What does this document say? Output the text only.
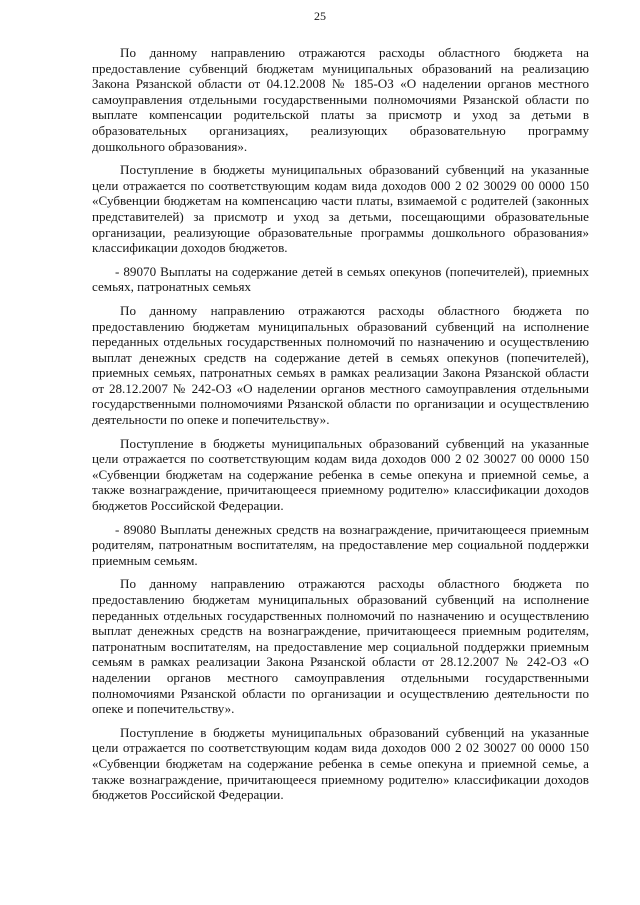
25

По данному направлению отражаются расходы областного бюджета на предоставление субвенций бюджетам муниципальных образований на реализацию Закона Рязанской области от 04.12.2008 № 185-ОЗ «О наделении органов местного самоуправления отдельными государственными полномочиями Рязанской области по выплате компенсации родительской платы за присмотр и уход за детьми в образовательных организациях, реализующих образовательную программу дошкольного образования».

Поступление в бюджеты муниципальных образований субвенций на указанные цели отражается по соответствующим кодам вида доходов 000 2 02 30029 00 0000 150 «Субвенции бюджетам на компенсацию части платы, взимаемой с родителей (законных представителей) за присмотр и уход за детьми, посещающими образовательные организации, реализующие образовательные программы дошкольного образования» классификации доходов бюджетов.

- 89070 Выплаты на содержание детей в семьях опекунов (попечителей), приемных семьях, патронатных семьях

По данному направлению отражаются расходы областного бюджета по предоставлению бюджетам муниципальных образований субвенций на исполнение переданных отдельных государственных полномочий по назначению и осуществлению выплат денежных средств на содержание детей в семьях опекунов (попечителей), приемных семьях, патронатных семьях в рамках реализации Закона Рязанской области от 28.12.2007 № 242-ОЗ «О наделении органов местного самоуправления отдельными государственными полномочиями Рязанской области по организации и осуществлению деятельности по опеке и попечительству».

Поступление в бюджеты муниципальных образований субвенций на указанные цели отражается по соответствующим кодам вида доходов 000 2 02 30027 00 0000 150 «Субвенции бюджетам на содержание ребенка в семье опекуна и приемной семье, а также вознаграждение, причитающееся приемному родителю» классификации доходов бюджетов Российской Федерации.

- 89080 Выплаты денежных средств на вознаграждение, причитающееся приемным родителям, патронатным воспитателям, на предоставление мер социальной поддержки приемным семьям.

По данному направлению отражаются расходы областного бюджета по предоставлению бюджетам муниципальных образований субвенций на исполнение переданных отдельных государственных полномочий по назначению и осуществлению выплат денежных средств на вознаграждение, причитающееся приемным родителям, патронатным воспитателям, на предоставление мер социальной поддержки приемным семьям в рамках реализации Закона Рязанской области от 28.12.2007 № 242-ОЗ «О наделении органов местного самоуправления отдельными государственными полномочиями Рязанской области по организации и осуществлению деятельности по опеке и попечительству».

Поступление в бюджеты муниципальных образований субвенций на указанные цели отражается по соответствующим кодам вида доходов 000 2 02 30027 00 0000 150 «Субвенции бюджетам на содержание ребенка в семье опекуна и приемной семье, а также вознаграждение, причитающееся приемному родителю» классификации доходов бюджетов Российской Федерации.
